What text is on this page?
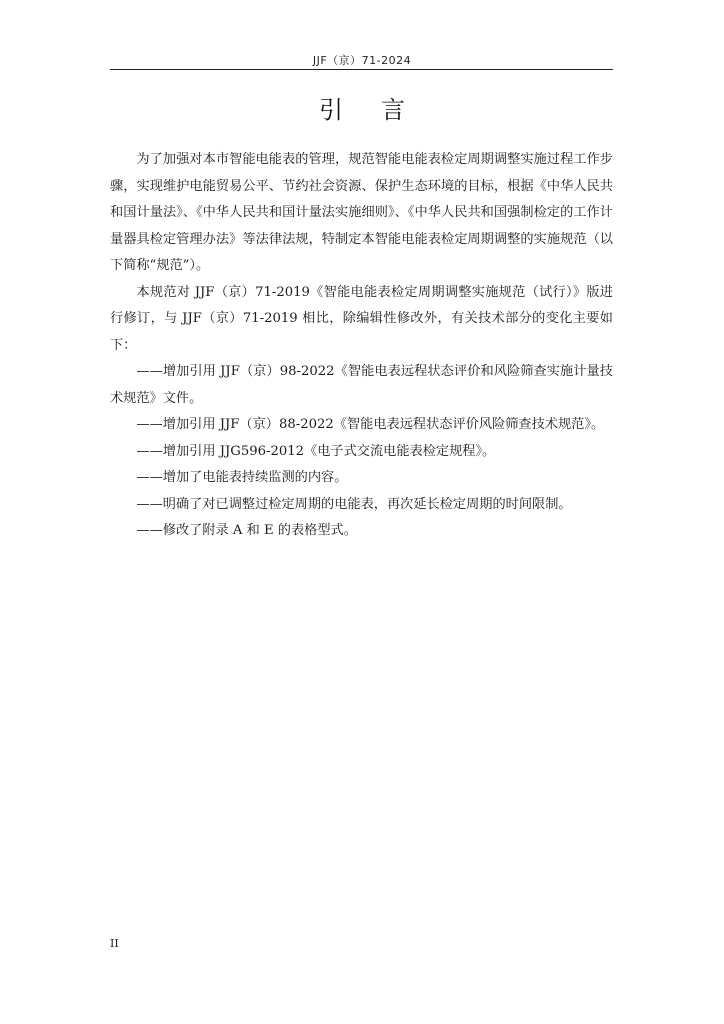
JJF（京）71-2024
引言

为了加强对本市智能电能表的管理，规范智能电能表检定周期调整实施过程工作步骤，实现维护电能贸易公平、节约社会资源、保护生态环境的目标，根据《中华人民共和国计量法》、《中华人民共和国计量法实施细则》、《中华人民共和国强制检定的工作计量器具检定管理办法》等法律法规，特制定本智能电能表检定周期调整的实施规范（以下简称“规范”）。

本规范对 JJF（京）71-2019《智能电能表检定周期调整实施规范（试行）》版进行修订，与 JJF（京）71-2019 相比，除编辑性修改外，有关技术部分的变化主要如下：

——增加引用 JJF（京）98-2022《智能电表远程状态评价和风险筛查实施计量技术规范》文件。

——增加引用 JJF（京）88-2022《智能电表远程状态评价风险筛查技术规范》。

——增加引用 JJG596-2012《电子式交流电能表检定规程》。

——增加了电能表持续监测的内容。

——明确了对已调整过检定周期的电能表，再次延长检定周期的时间限制。

——修改了附录 A 和 E 的表格型式。

II
